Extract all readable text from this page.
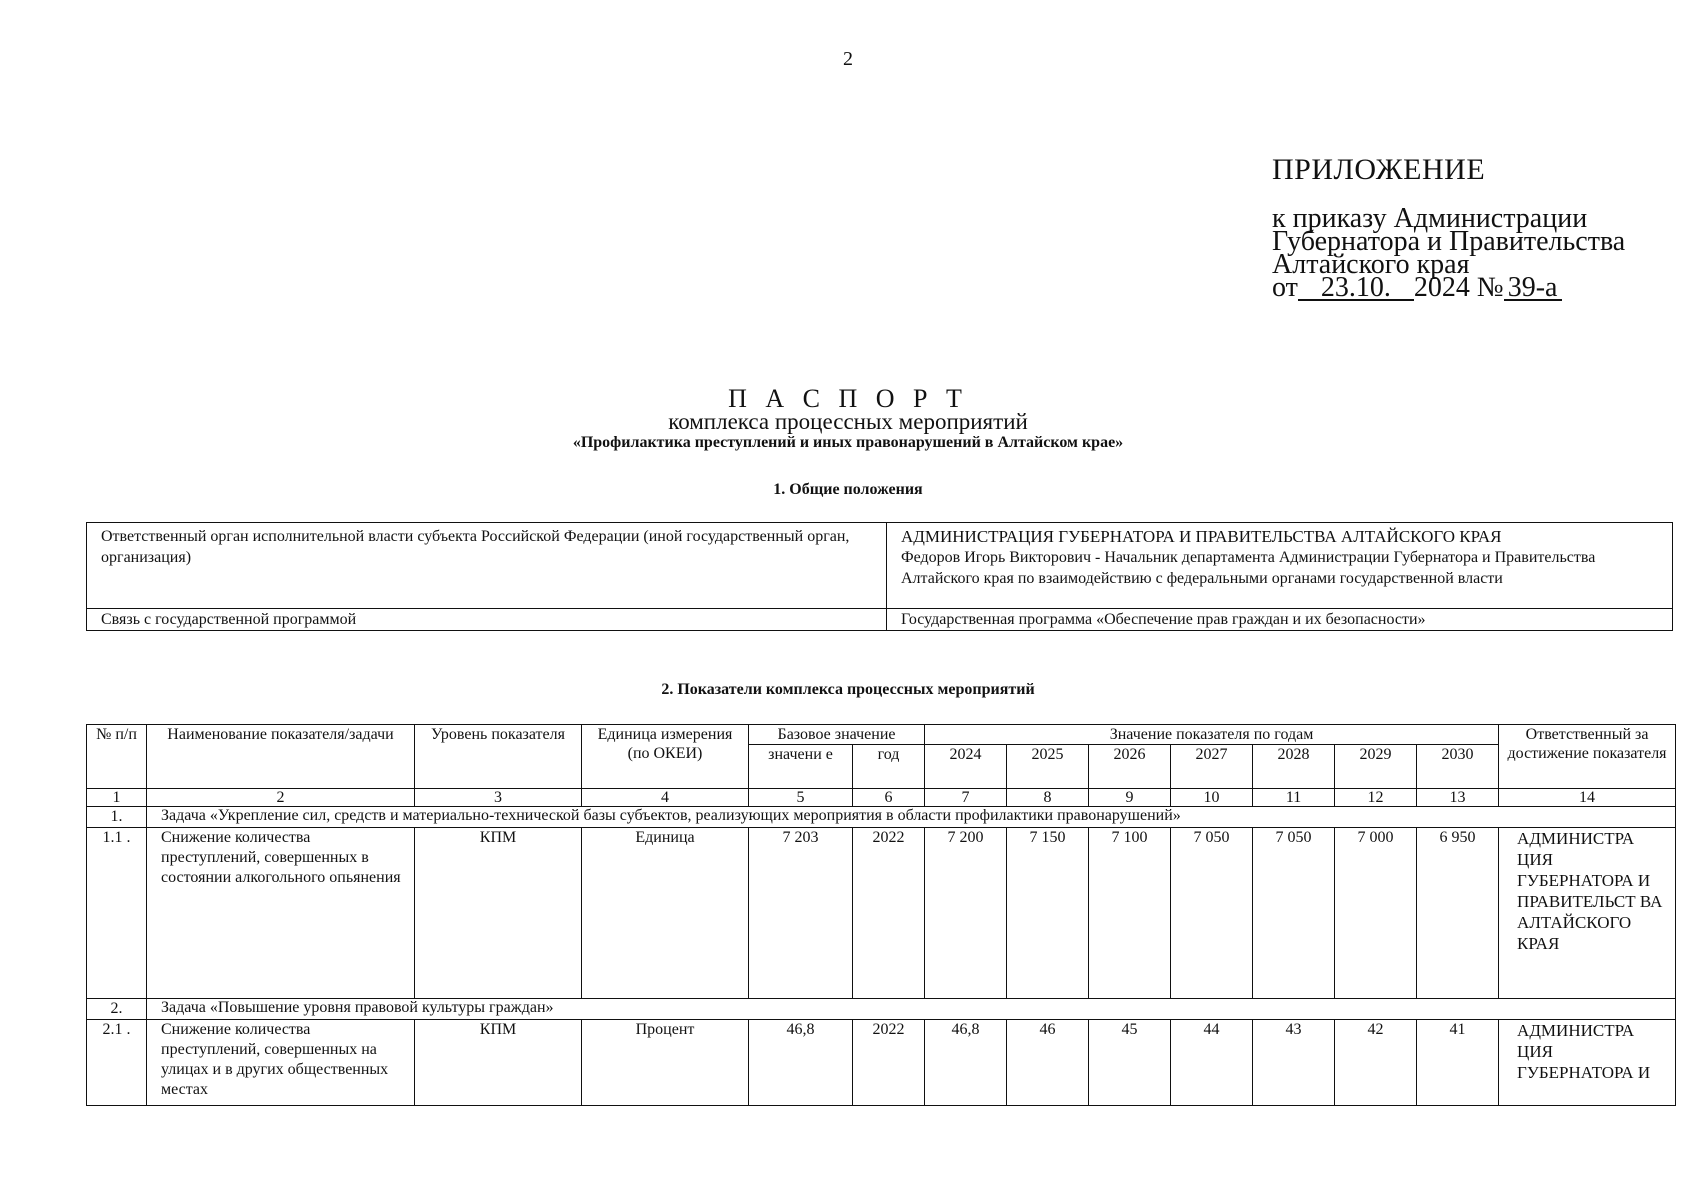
2
ПРИЛОЖЕНИЕ
к приказу Администрации
Губернатора и Правительства
Алтайского края
от 23.10. 2024 № 39-а
П А С П О Р Т
комплекса процессных мероприятий
«Профилактика преступлений и иных правонарушений в Алтайском крае»
1. Общие положения
Ответственный орган исполнительной власти субъекта Российской Федерации (иной государственный орган, организация)	АДМИНИСТРАЦИЯ ГУБЕРНАТОРА И ПРАВИТЕЛЬСТВА АЛТАЙСКОГО КРАЯ
Федоров Игорь Викторович - Начальник департамента Администрации Губернатора и Правительства Алтайского края по взаимодействию с федеральными органами государственной власти

Связь с государственной программой	Государственная программа «Обеспечение прав граждан и их безопасности»
2. Показатели комплекса процессных мероприятий
№ п/п	Наименование показателя/задачи	Уровень показателя	Единица измерения (по ОКЕИ)	Базовое значение		Значение показателя по годам							Ответственный за достижение показателя
				значени е	год	2024	2025	2026	2027	2028	2029	2030	
1	2	3	4	5	6	7	8	9	10	11	12	13	14
1.	Задача «Укрепление сил, средств и материально-технической базы субъектов, реализующих мероприятия в области профилактики правонарушений»												
1.1 .	Снижение количества преступлений, совершенных в состоянии алкогольного опьянения	КПМ	Единица	7 203	2022	7 200	7 150	7 100	7 050	7 050	7 000	6 950	АДМИНИСТРА ЦИЯ ГУБЕРНАТОРА И ПРАВИТЕЛЬСТ ВА АЛТАЙСКОГО КРАЯ
2.	Задача «Повышение уровня правовой культуры граждан»												
2.1 .	Снижение количества преступлений, совершенных на улицах и в других общественных местах	КПМ	Процент	46,8	2022	46,8	46	45	44	43	42	41	АДМИНИСТРА ЦИЯ ГУБЕРНАТОРА И
